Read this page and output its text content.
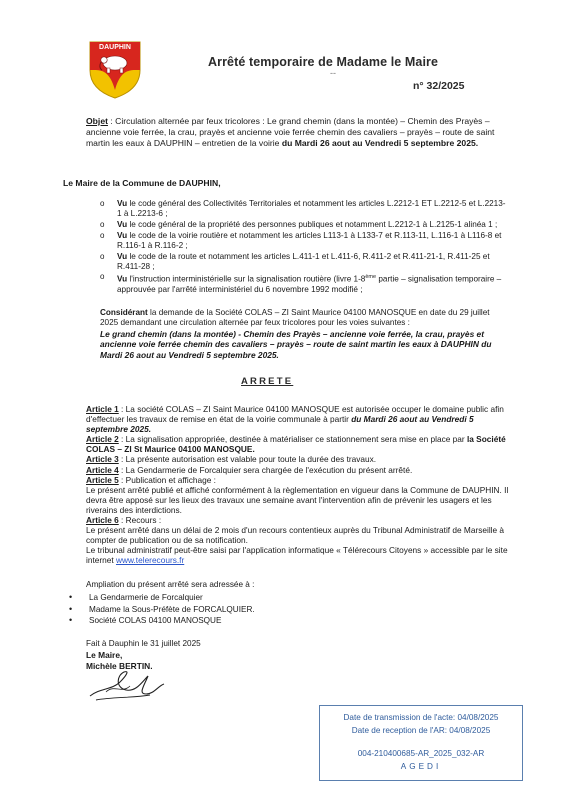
DAUPHIN
Arrêté temporaire de Madame le Maire
--
n° 32/2025
Objet : Circulation alternée par feux tricolores : Le grand chemin (dans la montée) – Chemin des Prayès – ancienne voie ferrée, la crau, prayès et ancienne voie ferrée chemin des cavaliers – prayès – route de saint martin les eaux à DAUPHIN – entretien de la voirie du Mardi 26 aout au Vendredi 5 septembre 2025.
Le Maire de la Commune de DAUPHIN,
o Vu le code général des Collectivités Territoriales et notamment les articles L.2212-1 ET L.2212-5 et L.2213-1 à L.2213-6 ;
o Vu le code général de la propriété des personnes publiques et notamment L.2212-1 à L.2125-1 alinéa 1 ;
o Vu le code de la voirie routière et notamment les articles L113-1 à L133-7 et R.113-11, L.116-1 à L116-8 et R.116-1 à R.116-2 ;
o Vu le code de la route et notamment les articles L.411-1 et L.411-6, R.411-2 et R.411-21-1, R.411-25 et R.411-28 ;
o Vu l'instruction interministérielle sur la signalisation routière (livre 1-8ème partie – signalisation temporaire – approuvée par l'arrêté interministériel du 6 novembre 1992 modifié ;
Considérant la demande de la Société COLAS – ZI Saint Maurice 04100 MANOSQUE en date du 29 juillet 2025 demandant une circulation alternée par feux tricolores pour les voies suivantes :
Le grand chemin (dans la montée) - Chemin des Prayès – ancienne voie ferrée, la crau, prayès et ancienne voie ferrée chemin des cavaliers – prayès – route de saint martin les eaux à DAUPHIN du Mardi 26 aout au Vendredi 5 septembre 2025.
ARRETE

Article 1 : La société COLAS – ZI Saint Maurice 04100 MANOSQUE est autorisée occuper le domaine public afin d'effectuer les travaux de remise en état de la voirie communale à partir du Mardi 26 aout au Vendredi 5 septembre 2025.

Article 2 : La signalisation appropriée, destinée à matérialiser ce stationnement sera mise en place par la Société COLAS – ZI St Maurice 04100 MANOSQUE.

Article 3 : La présente autorisation est valable pour toute la durée des travaux.

Article 4 : La Gendarmerie de Forcalquier sera chargée de l'exécution du présent arrêté.

Article 5 : Publication et affichage :

Le présent arrêté publié et affiché conformément à la règlementation en vigueur dans la Commune de DAUPHIN. Il devra être apposé sur les lieux des travaux une semaine avant l'intervention afin de prévenir les usagers et les riverains des interdictions.

Article 6 : Recours :

Le présent arrêté dans un délai de 2 mois d'un recours contentieux auprès du Tribunal Administratif de Marseille à compter de publication ou de sa notification.

Le tribunal administratif peut-être saisi par l'application informatique « Télérecours Citoyens » accessible par le site internet www.telerecours.fr

Ampliation du présent arrêté sera adressée à :
• La Gendarmerie de Forcalquier
• Madame la Sous-Préfète de FORCALQUIER.
• Société COLAS 04100 MANOSQUE
Fait à Dauphin le 31 juillet 2025
Le Maire,
Michèle BERTIN.
Date de transmission de l'acte: 04/08/2025
Date de reception de l'AR: 04/08/2025
004-210400685-AR_2025_032-AR
AGEDI
